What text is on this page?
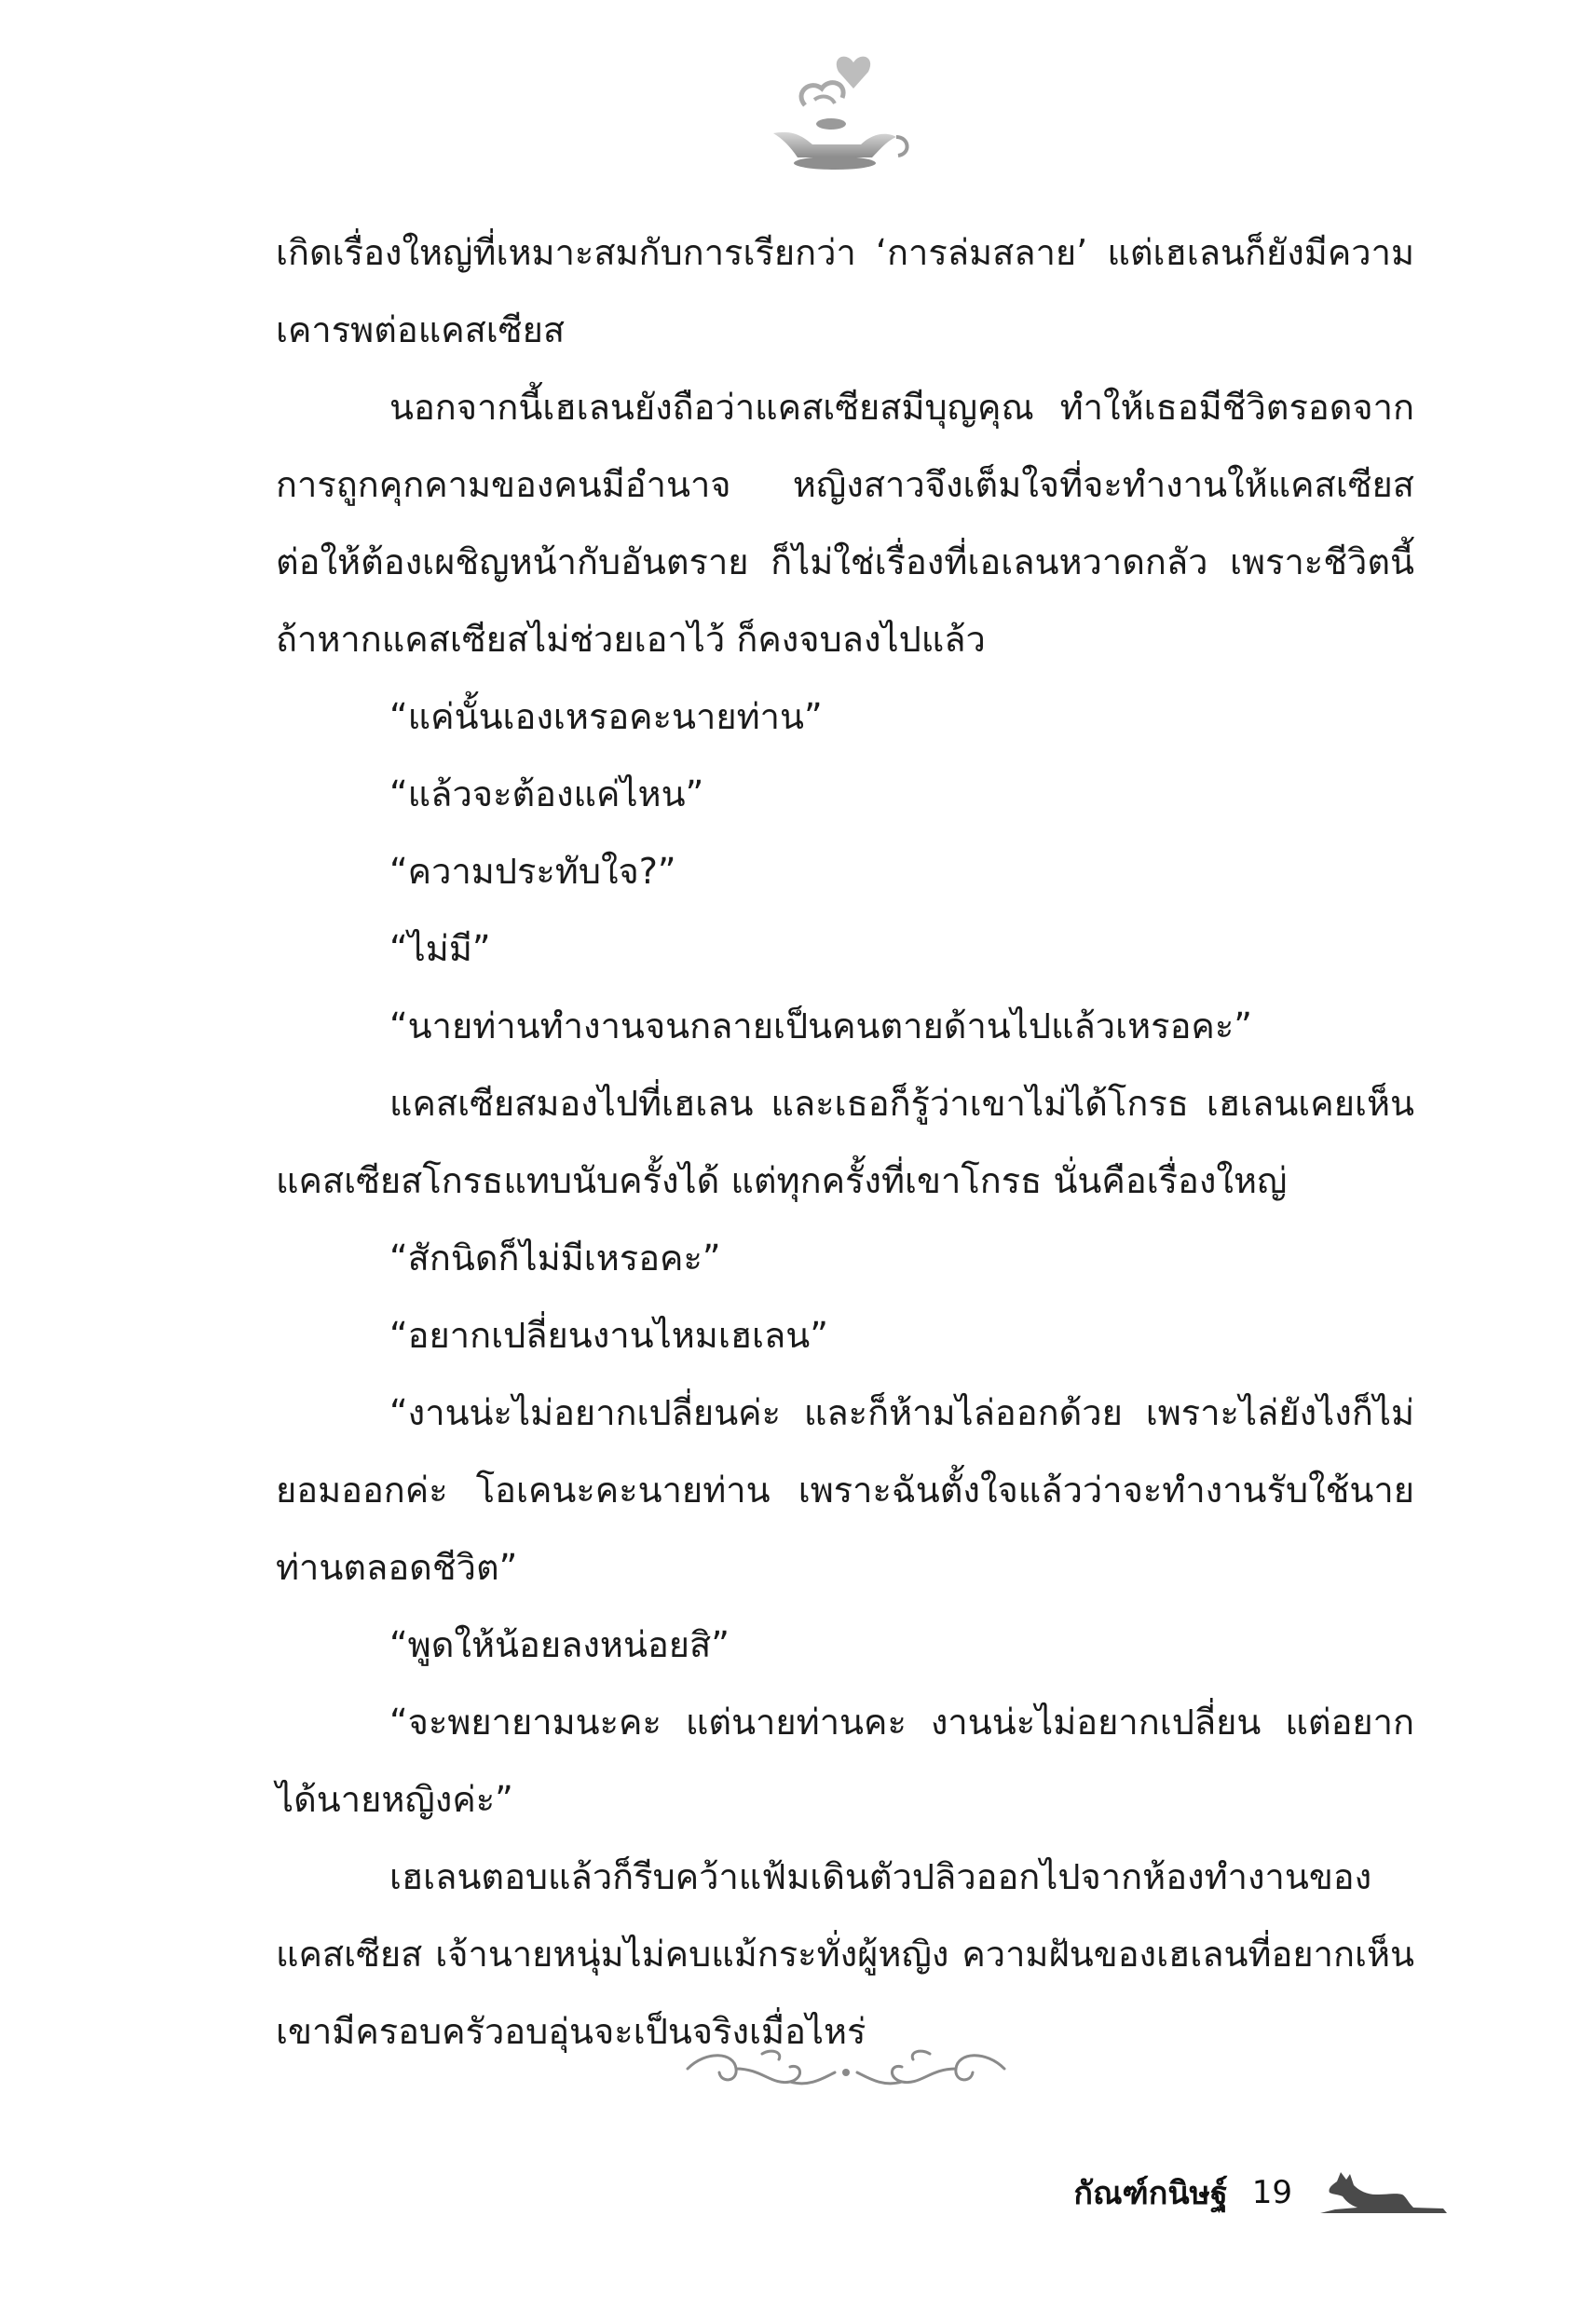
เกิดเรื่องใหญ่ที่เหมาะสมกับการเรียกว่า ‘การล่มสลาย’ แต่เฮเลนก็ยังมีความเคารพต่อแคสเซียส

นอกจากนี้เฮเลนยังถือว่าแคสเซียสมีบุญคุณ ทำให้เธอมีชีวิตรอดจากการถูกคุกคามของคนมีอำนาจ หญิงสาวจึงเต็มใจที่จะทำงานให้แคสเซียส ต่อให้ต้องเผชิญหน้ากับอันตราย ก็ไม่ใช่เรื่องที่เอเลนหวาดกลัว เพราะชีวิตนี้ ถ้าหากแคสเซียสไม่ช่วยเอาไว้ ก็คงจบลงไปแล้ว

“แค่นั้นเองเหรอคะนายท่าน”

“แล้วจะต้องแค่ไหน”

“ความประทับใจ?”

“ไม่มี”

“นายท่านทำงานจนกลายเป็นคนตายด้านไปแล้วเหรอคะ”

แคสเซียสมองไปที่เฮเลน และเธอก็รู้ว่าเขาไม่ได้โกรธ เฮเลนเคยเห็นแคสเซียสโกรธแทบนับครั้งได้ แต่ทุกครั้งที่เขาโกรธ นั่นคือเรื่องใหญ่

“สักนิดก็ไม่มีเหรอคะ”

“อยากเปลี่ยนงานไหมเฮเลน”

“งานน่ะไม่อยากเปลี่ยนค่ะ และก็ห้ามไล่ออกด้วย เพราะไล่ยังไงก็ไม่ยอมออกค่ะ โอเคนะคะนายท่าน เพราะฉันตั้งใจแล้วว่าจะทำงานรับใช้นายท่านตลอดชีวิต”

“พูดให้น้อยลงหน่อยสิ”

“จะพยายามนะคะ แต่นายท่านคะ งานน่ะไม่อยากเปลี่ยน แต่อยากได้นายหญิงค่ะ”

เฮเลนตอบแล้วก็รีบคว้าแฟ้มเดินตัวปลิวออกไปจากห้องทำงานของแคสเซียส เจ้านายหนุ่มไม่คบแม้กระทั่งผู้หญิง ความฝันของเฮเลนที่อยากเห็นเขามีครอบครัวอบอุ่นจะเป็นจริงเมื่อไหร่

กัณฑ์กนิษฐ์ 19
